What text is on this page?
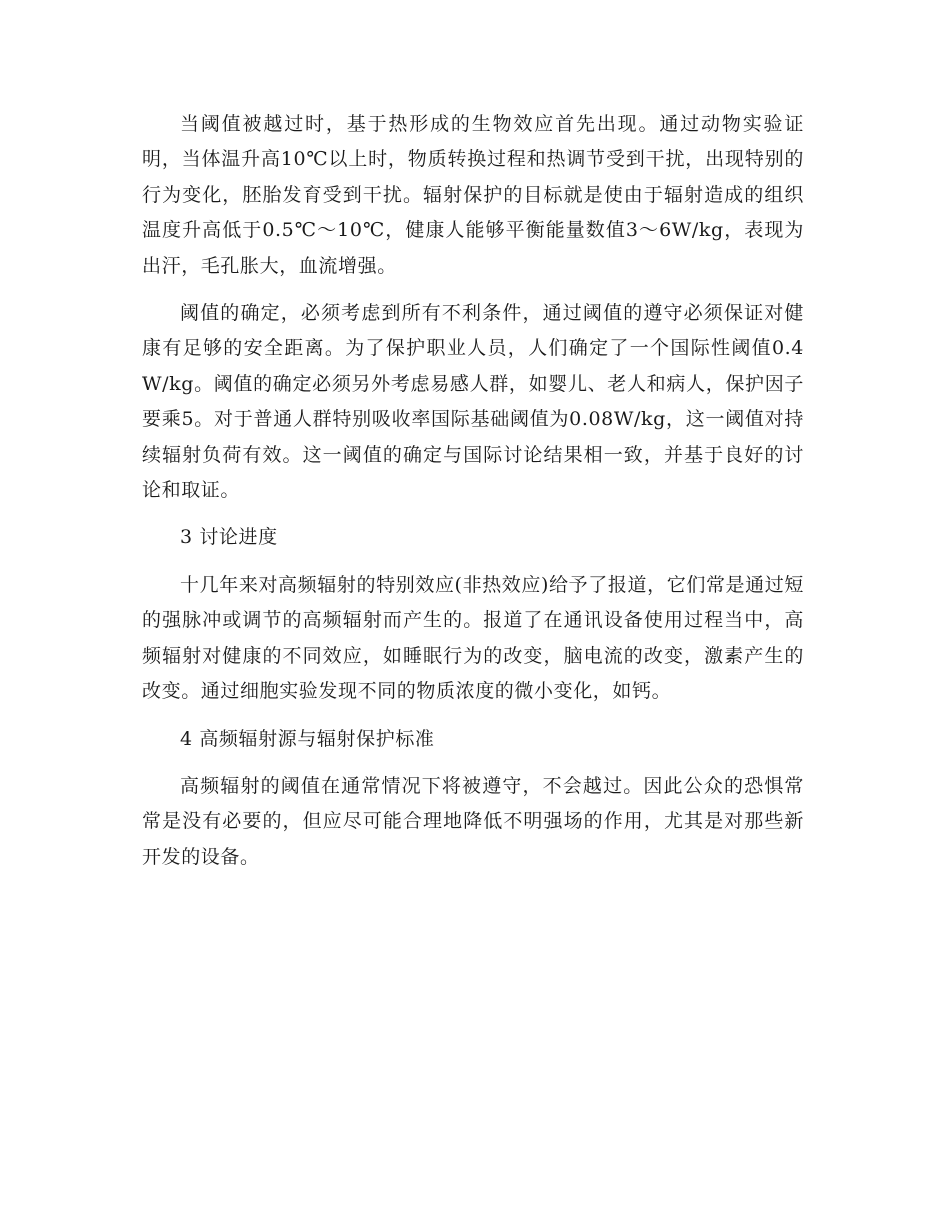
当阈值被越过时，基于热形成的生物效应首先出现。通过动物实验证明，当体温升高10℃以上时，物质转换过程和热调节受到干扰，出现特别的行为变化，胚胎发育受到干扰。辐射保护的目标就是使由于辐射造成的组织温度升高低于0.5℃～10℃，健康人能够平衡能量数值3～6W/kg，表现为出汗，毛孔胀大，血流增强。

阈值的确定，必须考虑到所有不利条件，通过阈值的遵守必须保证对健康有足够的安全距离。为了保护职业人员，人们确定了一个国际性阈值0.4W/kg。阈值的确定必须另外考虑易感人群，如婴儿、老人和病人，保护因子要乘5。对于普通人群特别吸收率国际基础阈值为0.08W/kg，这一阈值对持续辐射负荷有效。这一阈值的确定与国际讨论结果相一致，并基于良好的讨论和取证。

3 讨论进度

十几年来对高频辐射的特别效应(非热效应)给予了报道，它们常是通过短的强脉冲或调节的高频辐射而产生的。报道了在通讯设备使用过程当中，高频辐射对健康的不同效应，如睡眠行为的改变，脑电流的改变，激素产生的改变。通过细胞实验发现不同的物质浓度的微小变化，如钙。

4 高频辐射源与辐射保护标准

高频辐射的阈值在通常情况下将被遵守，不会越过。因此公众的恐惧常常是没有必要的，但应尽可能合理地降低不明强场的作用，尤其是对那些新开发的设备。
